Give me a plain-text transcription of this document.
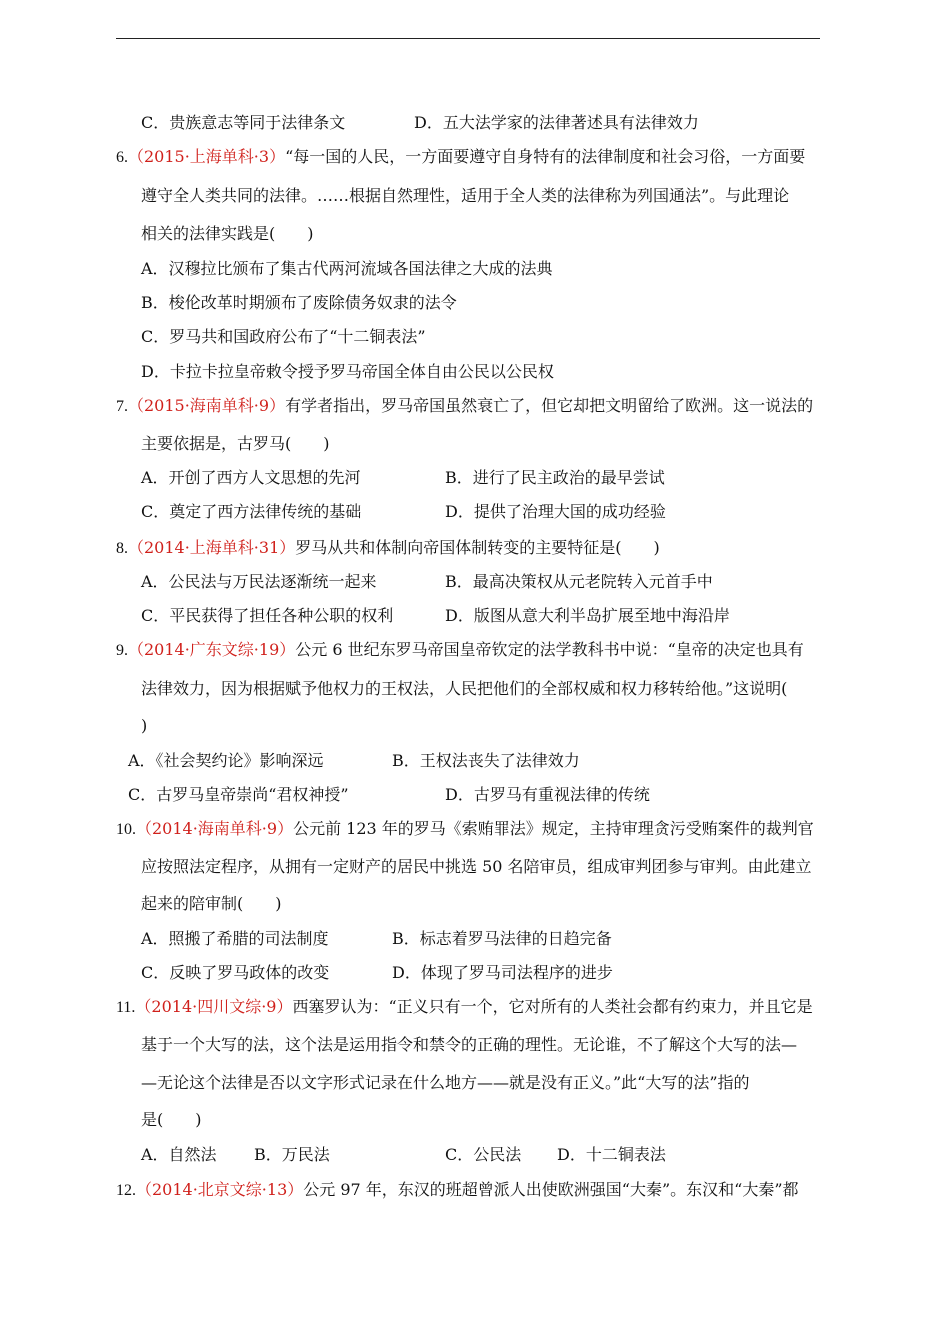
C．贵族意志等同于法律条文	D．五大法学家的法律著述具有法律效力
6.（2015·上海单科·3）“每一国的人民，一方面要遵守自身特有的法律制度和社会习俗，一方面要
遵守全人类共同的法律。……根据自然理性，适用于全人类的法律称为列国通法”。与此理论
相关的法律实践是(　　)
A．汉穆拉比颁布了集古代两河流域各国法律之大成的法典
B．梭伦改革时期颁布了废除债务奴隶的法令
C．罗马共和国政府公布了“十二铜表法”
D．卡拉卡拉皇帝敕令授予罗马帝国全体自由公民以公民权
7.（2015·海南单科·9）有学者指出，罗马帝国虽然衰亡了，但它却把文明留给了欧洲。这一说法的
主要依据是，古罗马(　　)
A．开创了西方人文思想的先河	B．进行了民主政治的最早尝试
C．奠定了西方法律传统的基础	D．提供了治理大国的成功经验
8.（2014·上海单科·31）罗马从共和体制向帝国体制转变的主要特征是(　　)
A．公民法与万民法逐渐统一起来	B．最高决策权从元老院转入元首手中
C．平民获得了担任各种公职的权利	D．版图从意大利半岛扩展至地中海沿岸
9.（2014·广东文综·19）公元 6 世纪东罗马帝国皇帝钦定的法学教科书中说：“皇帝的决定也具有
法律效力，因为根据赋予他权力的王权法，人民把他们的全部权威和权力移转给他。”这说明(
)
A．《社会契约论》影响深远	B．王权法丧失了法律效力
C．古罗马皇帝崇尚“君权神授”	D．古罗马有重视法律的传统
10.（2014·海南单科·9）公元前 123 年的罗马《索贿罪法》规定，主持审理贪污受贿案件的裁判官
应按照法定程序，从拥有一定财产的居民中挑选 50 名陪审员，组成审判团参与审判。由此建立
起来的陪审制(　　)
A．照搬了希腊的司法制度	B．标志着罗马法律的日趋完备
C．反映了罗马政体的改变	D．体现了罗马司法程序的进步
11.（2014·四川文综·9）西塞罗认为：“正义只有一个，它对所有的人类社会都有约束力，并且它是
基于一个大写的法，这个法是运用指令和禁令的正确的理性。无论谁，不了解这个大写的法—
—无论这个法律是否以文字形式记录在什么地方——就是没有正义。”此“大写的法”指的
是(　　)
A．自然法 B．万民法	C．公民法 D．十二铜表法
12.（2014·北京文综·13）公元 97 年，东汉的班超曾派人出使欧洲强国“大秦”。东汉和“大秦”都
